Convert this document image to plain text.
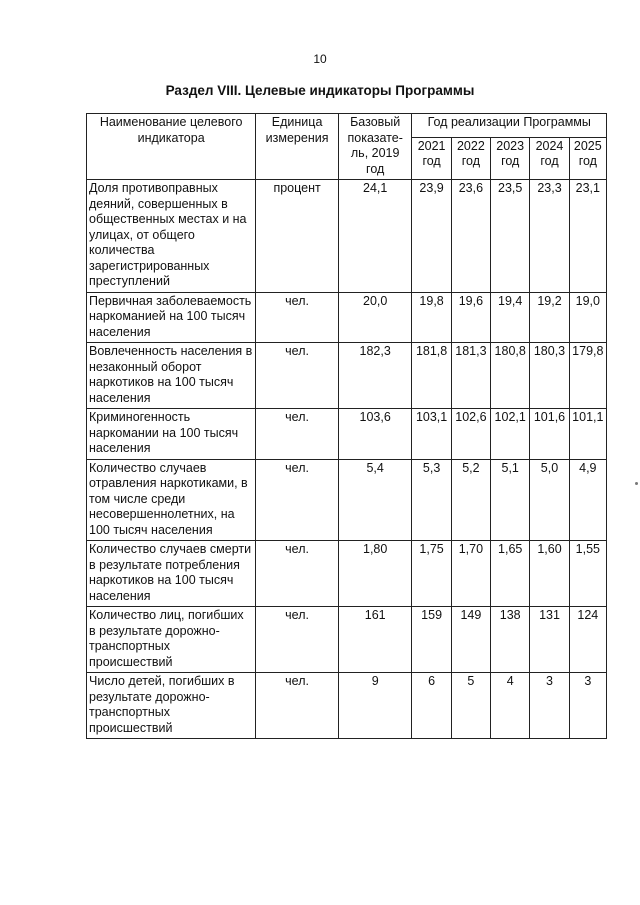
10
Раздел VIII. Целевые индикаторы Программы
Наименование целевого индикатора	Единица измерения	Базовый показате-ль, 2019 год	Год реализации Программы				
			2021 год	2022 год	2023 год	2024 год	2025 год
Доля противоправных деяний, совершенных в общественных местах и на улицах, от общего количества зарегистрированных преступлений	процент	24,1	23,9	23,6	23,5	23,3	23,1
Первичная заболеваемость наркоманией на 100 тысяч населения	чел.	20,0	19,8	19,6	19,4	19,2	19,0
Вовлеченность населения в незаконный оборот наркотиков на 100 тысяч населения	чел.	182,3	181,8	181,3	180,8	180,3	179,8
Криминогенность наркомании на 100 тысяч населения	чел.	103,6	103,1	102,6	102,1	101,6	101,1
Количество случаев отравления наркотиками, в том числе среди несовершеннолетних, на 100 тысяч населения	чел.	5,4	5,3	5,2	5,1	5,0	4,9
Количество случаев смерти в результате потребления наркотиков на 100 тысяч населения	чел.	1,80	1,75	1,70	1,65	1,60	1,55
Количество лиц, погибших в результате дорожно-транспортных происшествий	чел.	161	159	149	138	131	124
Число детей, погибших в результате дорожно-транспортных происшествий	чел.	9	6	5	4	3	3
